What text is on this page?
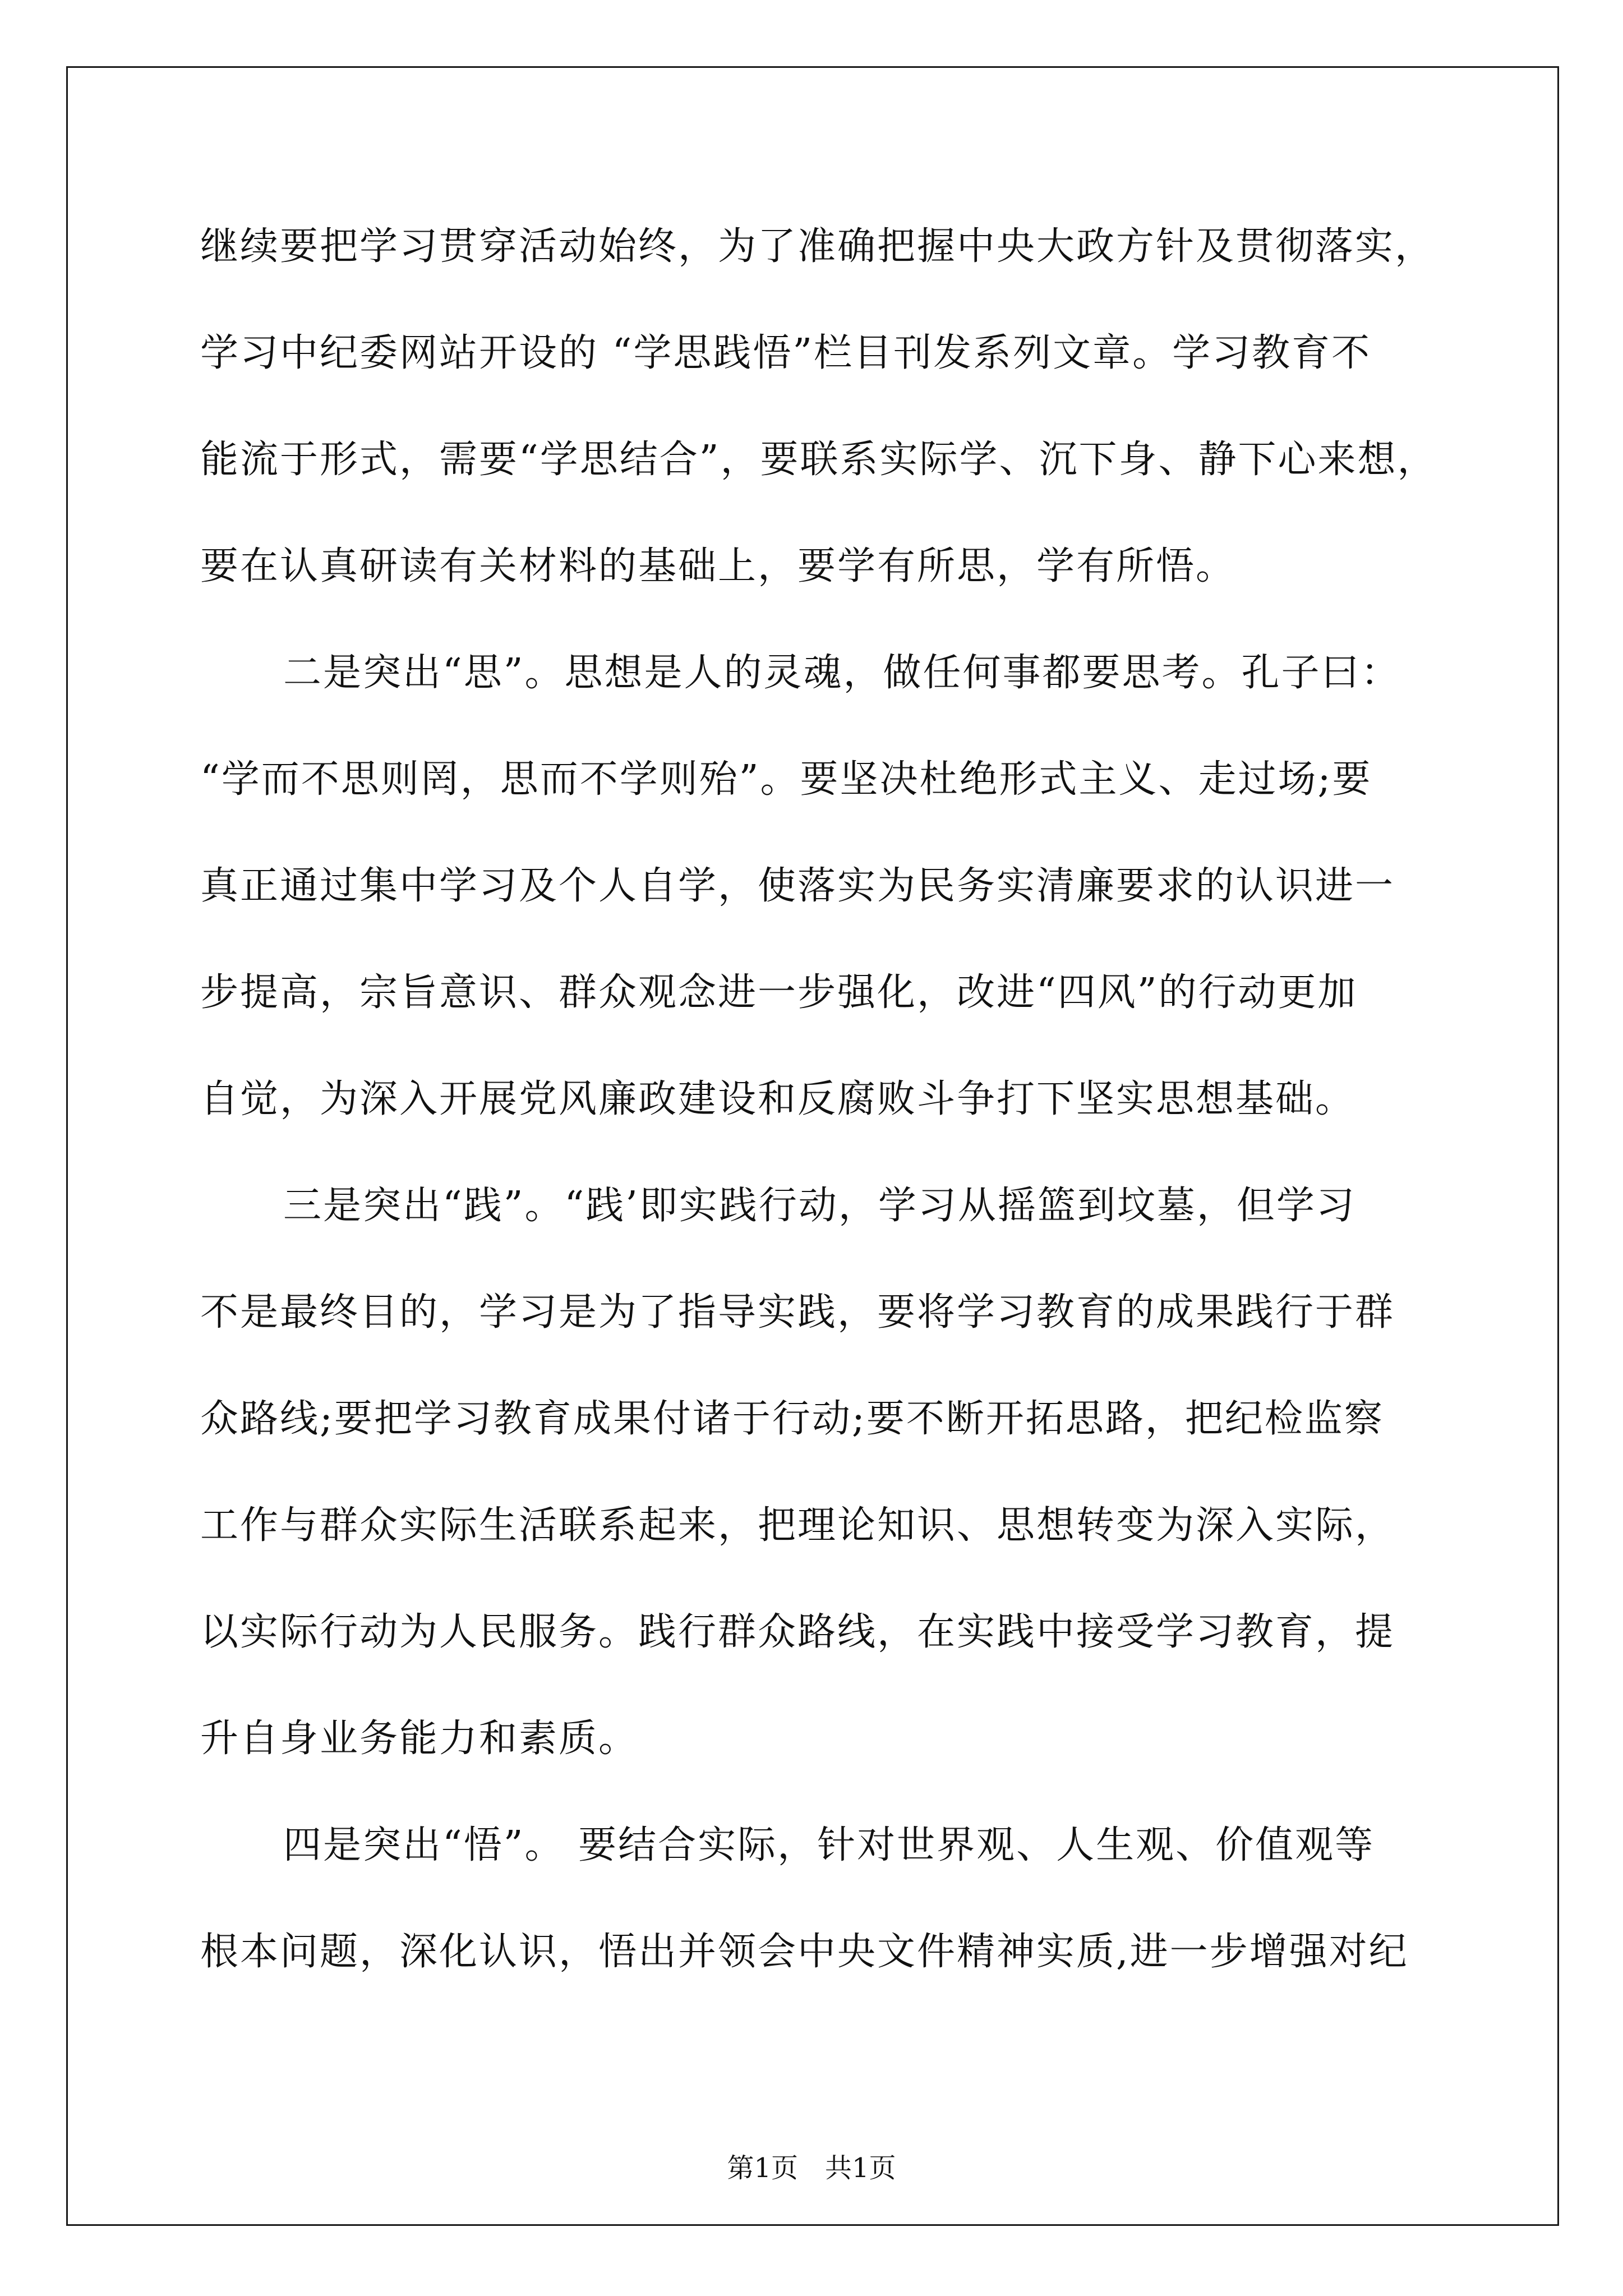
继续要把学习贯穿活动始终，为了准确把握中央大政方针及贯彻落实，
学习中纪委网站开设的 “学思践悟”栏目刊发系列文章。学习教育不
能流于形式，需要“学思结合”，要联系实际学、沉下身、静下心来想，
要在认真研读有关材料的基础上，要学有所思，学有所悟。
二是突出“思”。思想是人的灵魂，做任何事都要思考。孔子曰：
“学而不思则罔，思而不学则殆”。要坚决杜绝形式主义、走过场;要
真正通过集中学习及个人自学，使落实为民务实清廉要求的认识进一
步提高，宗旨意识、群众观念进一步强化，改进“四风”的行动更加
自觉，为深入开展党风廉政建设和反腐败斗争打下坚实思想基础。
三是突出“践”。“践’即实践行动，学习从摇篮到坟墓，但学习
不是最终目的，学习是为了指导实践，要将学习教育的成果践行于群
众路线;要把学习教育成果付诸于行动;要不断开拓思路，把纪检监察
工作与群众实际生活联系起来，把理论知识、思想转变为深入实际，
以实际行动为人民服务。践行群众路线，在实践中接受学习教育，提
升自身业务能力和素质。
四是突出“悟”。 要结合实际，针对世界观、人生观、价值观等
根本问题，深化认识，悟出并领会中央文件精神实质,进一步增强对纪
第1页　共1页
